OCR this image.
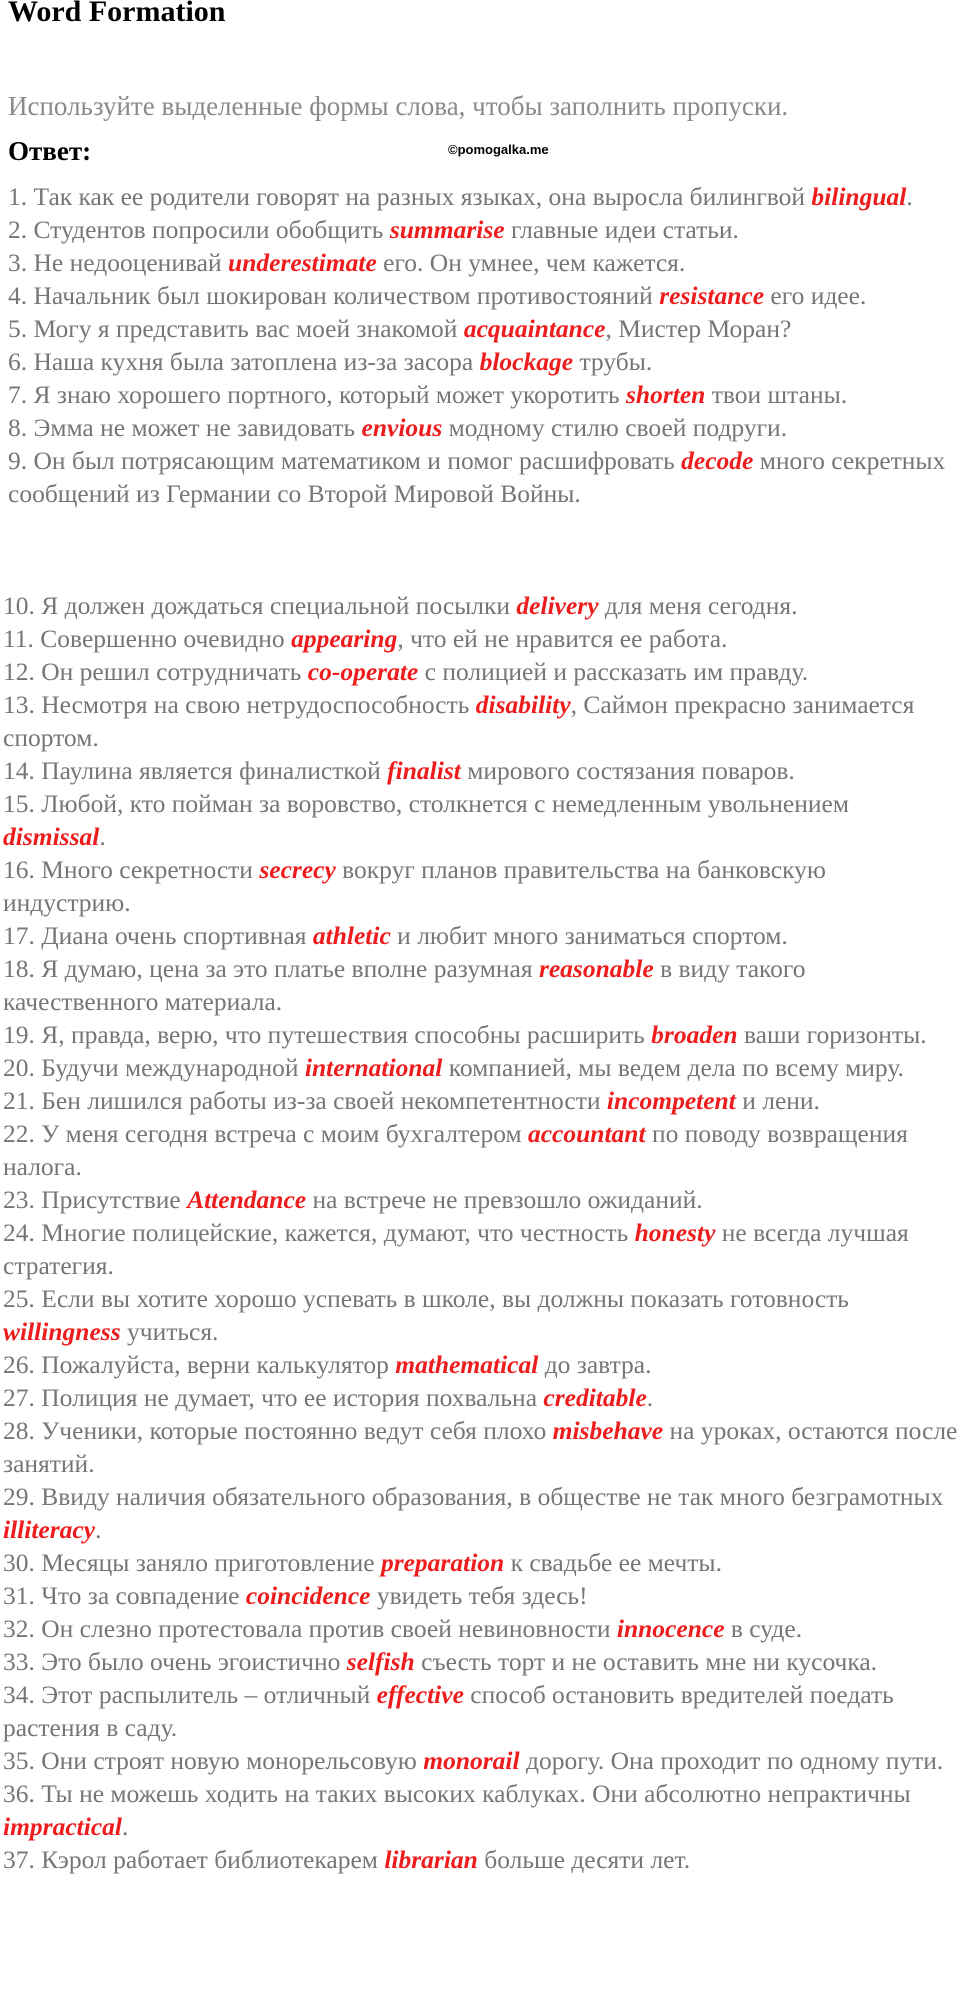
Word Formation
Используйте выделенные формы слова, чтобы заполнить пропуски.
Ответ:	©pomogalka.me
1. Так как ее родители говорят на разных языках, она выросла билингвой bilingual.
2. Студентов попросили обобщить summarise главные идеи статьи.
3. Не недооценивай underestimate его. Он умнее, чем кажется.
4. Начальник был шокирован количеством противостояний resistance его идее.
5. Могу я представить вас моей знакомой acquaintance, Мистер Моран?
6. Наша кухня была затоплена из-за засора blockage трубы.
7. Я знаю хорошего портного, который может укоротить shorten твои штаны.
8. Эмма не может не завидовать envious модному стилю своей подруги.
9. Он был потрясающим математиком и помог расшифровать decode много секретных сообщений из Германии со Второй Мировой Войны.
10. Я должен дождаться специальной посылки delivery для меня сегодня.
11. Совершенно очевидно appearing, что ей не нравится ее работа.
12. Он решил сотрудничать co-operate с полицией и рассказать им правду.
13. Несмотря на свою нетрудоспособность disability, Саймон прекрасно занимается спортом.
14. Паулина является финалисткой finalist мирового состязания поваров.
15. Любой, кто пойман за воровство, столкнется с немедленным увольнением dismissal.
16. Много секретности secrecy вокруг планов правительства на банковскую индустрию.
17. Диана очень спортивная athletic и любит много заниматься спортом.
18. Я думаю, цена за это платье вполне разумная reasonable в виду такого качественного материала.
19. Я, правда, верю, что путешествия способны расширить broaden ваши горизонты.
20. Будучи международной international компанией, мы ведем дела по всему миру.
21. Бен лишился работы из-за своей некомпетентности incompetent и лени.
22. У меня сегодня встреча с моим бухгалтером accountant по поводу возвращения налога.
23. Присутствие Attendance на встрече не превзошло ожиданий.
24. Многие полицейские, кажется, думают, что честность honesty не всегда лучшая стратегия.
25. Если вы хотите хорошо успевать в школе, вы должны показать готовность willingness учиться.
26. Пожалуйста, верни калькулятор mathematical до завтра.
27. Полиция не думает, что ее история похвальна creditable.
28. Ученики, которые постоянно ведут себя плохо misbehave на уроках, остаются после занятий.
29. Ввиду наличия обязательного образования, в обществе не так много безграмотных illiteracy.
30. Месяцы заняло приготовление preparation к свадьбе ее мечты.
31. Что за совпадение coincidence увидеть тебя здесь!
32. Он слезно протестовала против своей невиновности innocence в суде.
33. Это было очень эгоистично selfish съесть торт и не оставить мне ни кусочка.
34. Этот распылитель – отличный effective способ остановить вредителей поедать растения в саду.
35. Они строят новую монорельсовую monorail дорогу. Она проходит по одному пути.
36. Ты не можешь ходить на таких высоких каблуках. Они абсолютно непрактичны impractical.
37. Кэрол работает библиотекарем librarian больше десяти лет.
